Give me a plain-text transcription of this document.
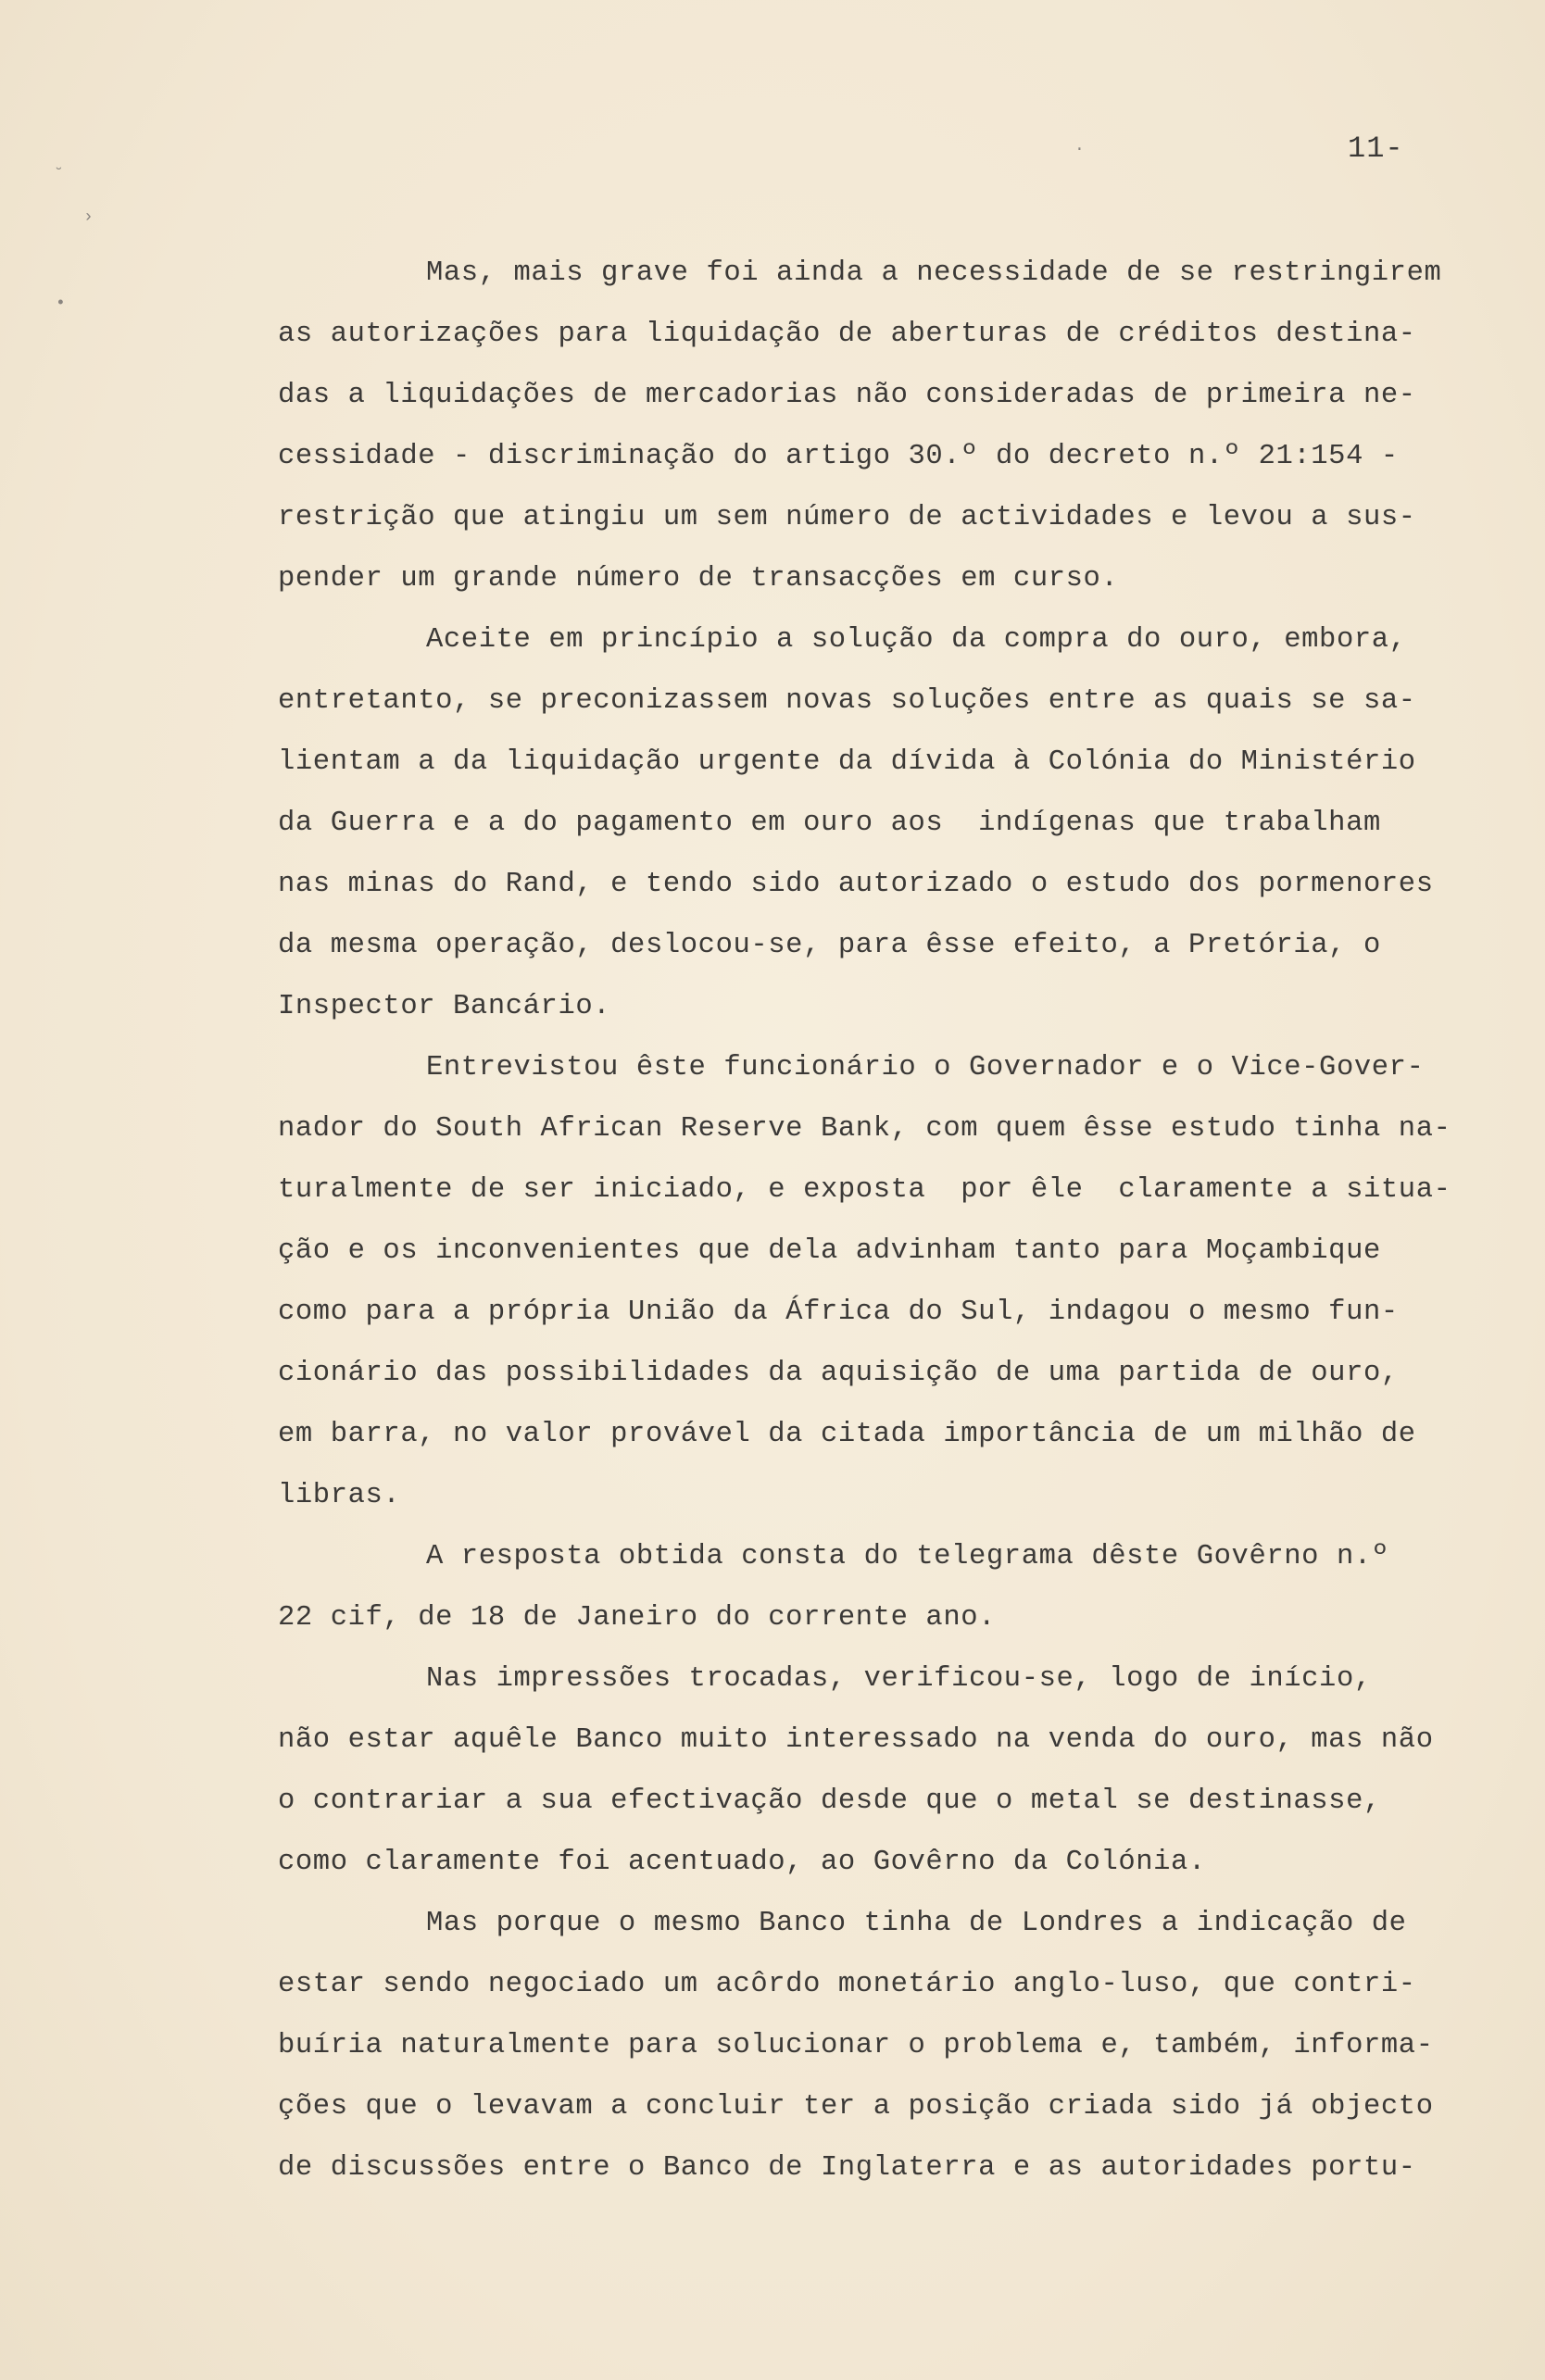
˘
›
•
·	11-
Mas, mais grave foi ainda a necessidade de se restringirem
as autorizações para liquidação de aberturas de créditos destina-
das a liquidações de mercadorias não consideradas de primeira ne-
cessidade - discriminação do artigo 30.º do decreto n.º 21:154 -
restrição que atingiu um sem número de actividades e levou a sus-
pender um grande número de transacções em curso.
Aceite em princípio a solução da compra do ouro, embora,
entretanto, se preconizassem novas soluções entre as quais se sa-
lientam a da liquidação urgente da dívida à Colónia do Ministério
da Guerra e a do pagamento em ouro aos  indígenas que trabalham
nas minas do Rand, e tendo sido autorizado o estudo dos pormenores
da mesma operação, deslocou-se, para êsse efeito, a Pretória, o
Inspector Bancário.
Entrevistou êste funcionário o Governador e o Vice-Gover-
nador do South African Reserve Bank, com quem êsse estudo tinha na-
turalmente de ser iniciado, e exposta  por êle  claramente a situa-
ção e os inconvenientes que dela advinham tanto para Moçambique
como para a própria União da África do Sul, indagou o mesmo fun-
cionário das possibilidades da aquisição de uma partida de ouro,
em barra, no valor provável da citada importância de um milhão de
libras.
A resposta obtida consta do telegrama dêste Govêrno n.º
22 cif, de 18 de Janeiro do corrente ano.
Nas impressões trocadas, verificou-se, logo de início,
não estar aquêle Banco muito interessado na venda do ouro, mas não
o contrariar a sua efectivação desde que o metal se destinasse,
como claramente foi acentuado, ao Govêrno da Colónia.
Mas porque o mesmo Banco tinha de Londres a indicação de
estar sendo negociado um acôrdo monetário anglo-luso, que contri-
buíria naturalmente para solucionar o problema e, também, informa-
ções que o levavam a concluir ter a posição criada sido já objecto
de discussões entre o Banco de Inglaterra e as autoridades portu-
